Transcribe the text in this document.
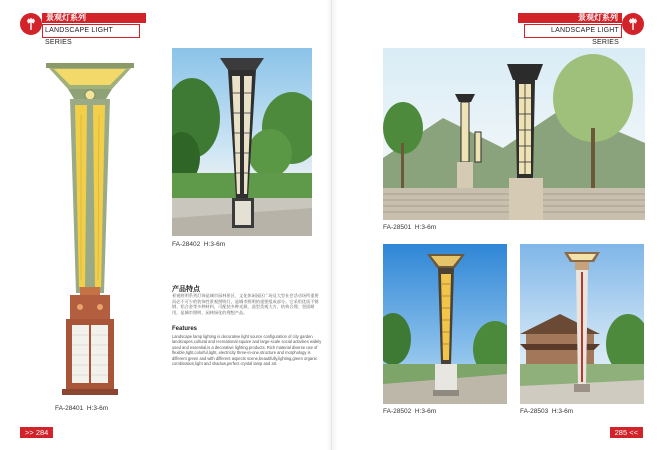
景观灯系列
LANDSCAPE LIGHT SERIES
景观灯系列
LANDSCAPE LIGHT SERIES
FA-28401 H:3-6m
FA-28402 H:3-6m
产品特点
景观照明系列灯饰是城市园林景区、文化休闲园区广场及大型社会活动场所重要而必不可少的装饰性景观照明灯，是城市照明的重要组成部分。它采用优质不锈钢、铝合金等多种材料，可配装多种光源，造型美观大方、结构合理、坚固耐用，是城市照明、园林绿化的理想产品。
Features
Landscape lamp lighting is decorative light source configuration of city garden landscapes,cultural and recreational square and large-scale social activities widely used and essential,is a decorative lighting products. Rich material diverse use of flexible,light,colorful,light, electricity three-in-one,structure and morphology is different green and with different aspects scene,beautifully,lighting,green organic combination,light and shadow,perfect crystal lamp and art.
FA-28501 H:3-6m
FA-28502 H:3-6m	FA-28503 H:3-6m
>> 284	285 <<
